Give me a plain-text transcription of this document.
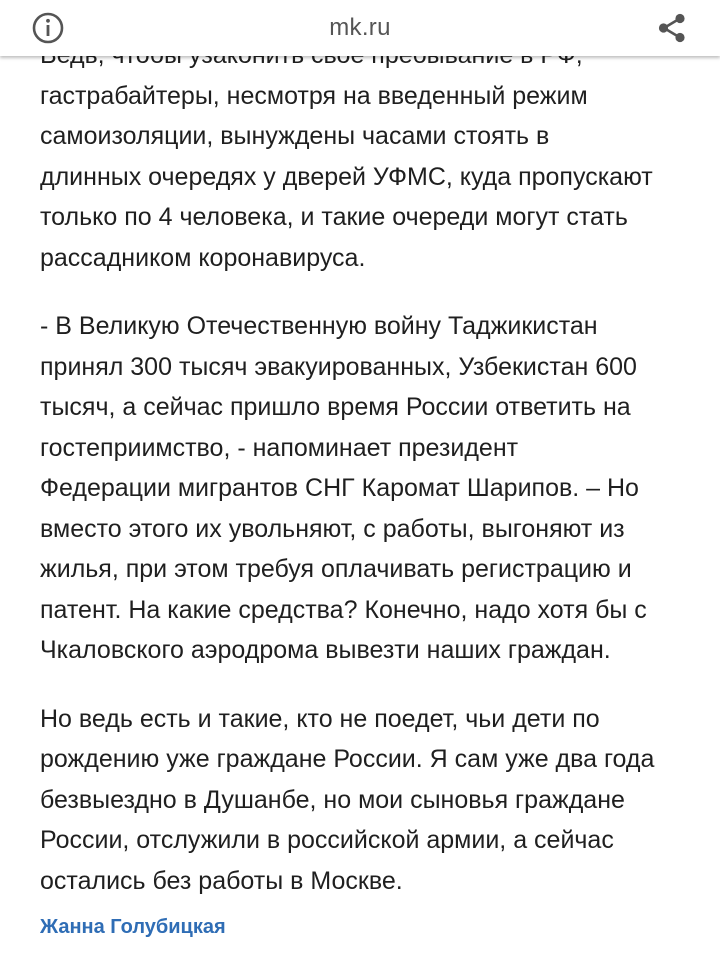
mk.ru

гастрабайтеры, несмотря на введенный режим
самоизоляции, вынуждены часами стоять в
длинных очередях у дверей УФМС, куда пропускают
только по 4 человека, и такие очереди могут стать
рассадником коронавируса.

- В Великую Отечественную войну Таджикистан
принял 300 тысяч эвакуированных, Узбекистан 600
тысяч, а сейчас пришло время России ответить на
гостеприимство, - напоминает президент
Федерации мигрантов СНГ Каромат Шарипов. – Но
вместо этого их увольняют, с работы, выгоняют из
жилья, при этом требуя оплачивать регистрацию и
патент. На какие средства? Конечно, надо хотя бы с
Чкаловского аэродрома вывезти наших граждан.

Но ведь есть и такие, кто не поедет, чьи дети по
рождению уже граждане России. Я сам уже два года
безвыездно в Душанбе, но мои сыновья граждане
России, отслужили в российской армии, а сейчас
остались без работы в Москве.

Жанна Голубицкая
